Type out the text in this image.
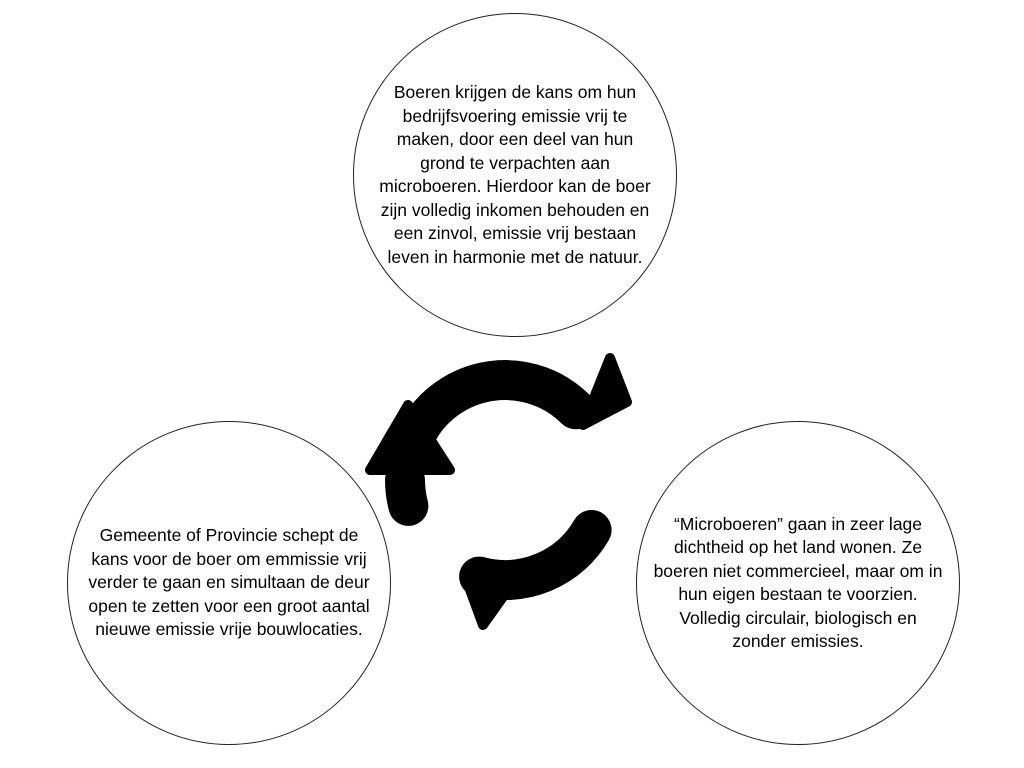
Boeren krijgen de kans om hun bedrijfsvoering emissie vrij te maken, door een deel van hun grond te verpachten aan microboeren. Hierdoor kan de boer zijn volledig inkomen behouden en een zinvol, emissie vrij bestaan leven in harmonie met de natuur.

Gemeente of Provincie schept de kans voor de boer om emmissie vrij verder te gaan en simultaan de deur open te zetten voor een groot aantal nieuwe emissie vrije bouwlocaties.

“Microboeren” gaan in zeer lage dichtheid op het land wonen. Ze boeren niet commercieel, maar om in hun eigen bestaan te voorzien. Volledig circulair, biologisch en zonder emissies.
